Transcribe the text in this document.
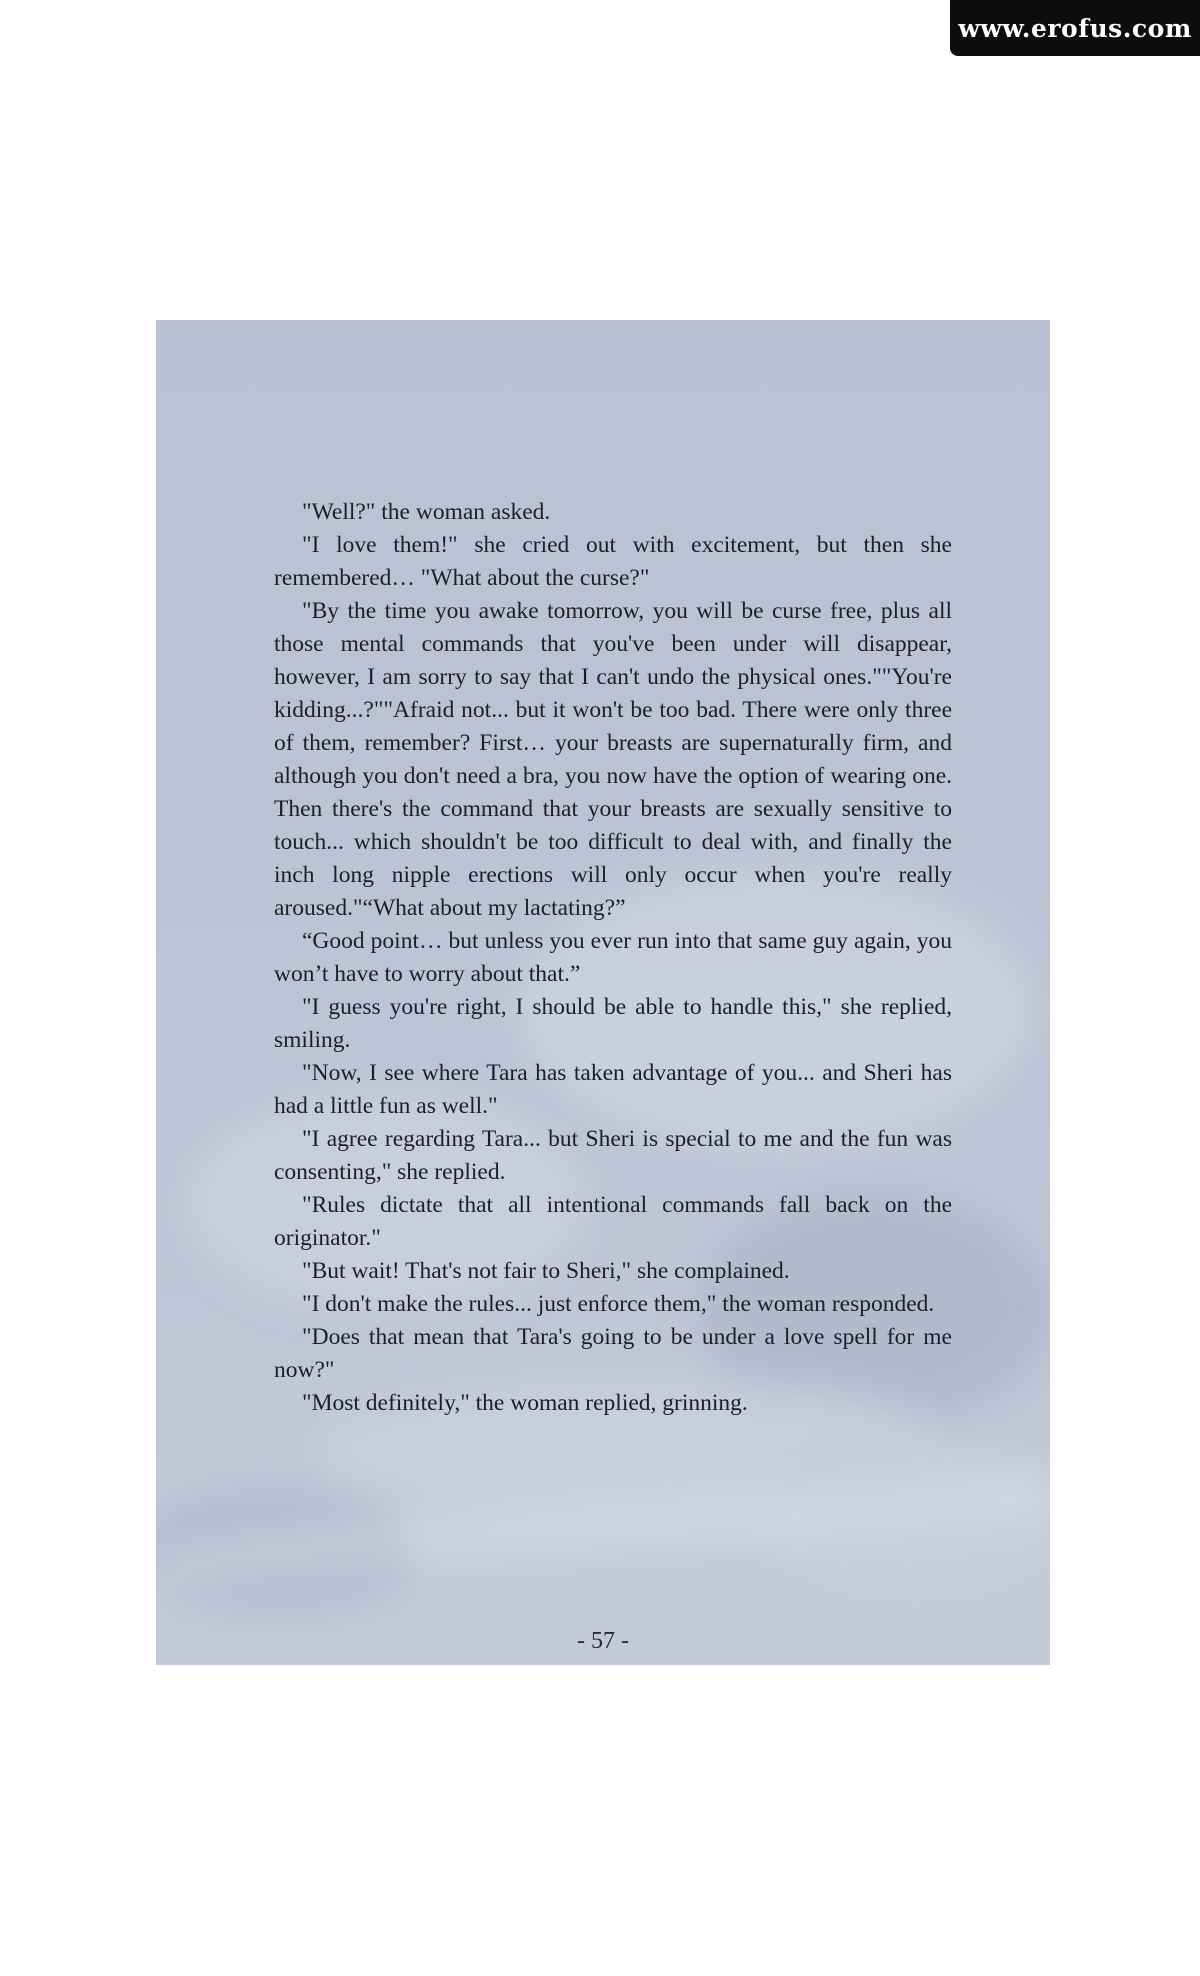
www.erofus.com

"Well?" the woman asked.

"I love them!" she cried out with excitement, but then she remembered… "What about the curse?"

"By the time you awake tomorrow, you will be curse free, plus all those mental commands that you've been under will disappear, however, I am sorry to say that I can't undo the physical ones.""You're kidding...?""Afraid not... but it won't be too bad. There were only three of them, remember? First… your breasts are supernaturally firm, and although you don't need a bra, you now have the option of wearing one. Then there's the command that your breasts are sexually sensitive to touch... which shouldn't be too difficult to deal with, and finally the inch long nipple erections will only occur when you're really aroused."“What about my lactating?”

“Good point… but unless you ever run into that same guy again, you won’t have to worry about that.”

"I guess you're right, I should be able to handle this," she replied, smiling.

"Now, I see where Tara has taken advantage of you... and Sheri has had a little fun as well."

"I agree regarding Tara... but Sheri is special to me and the fun was consenting," she replied.

"Rules dictate that all intentional commands fall back on the originator."

"But wait! That's not fair to Sheri," she complained.

"I don't make the rules... just enforce them," the woman responded.

"Does that mean that Tara's going to be under a love spell for me now?"

"Most definitely," the woman replied, grinning.

- 57 -
